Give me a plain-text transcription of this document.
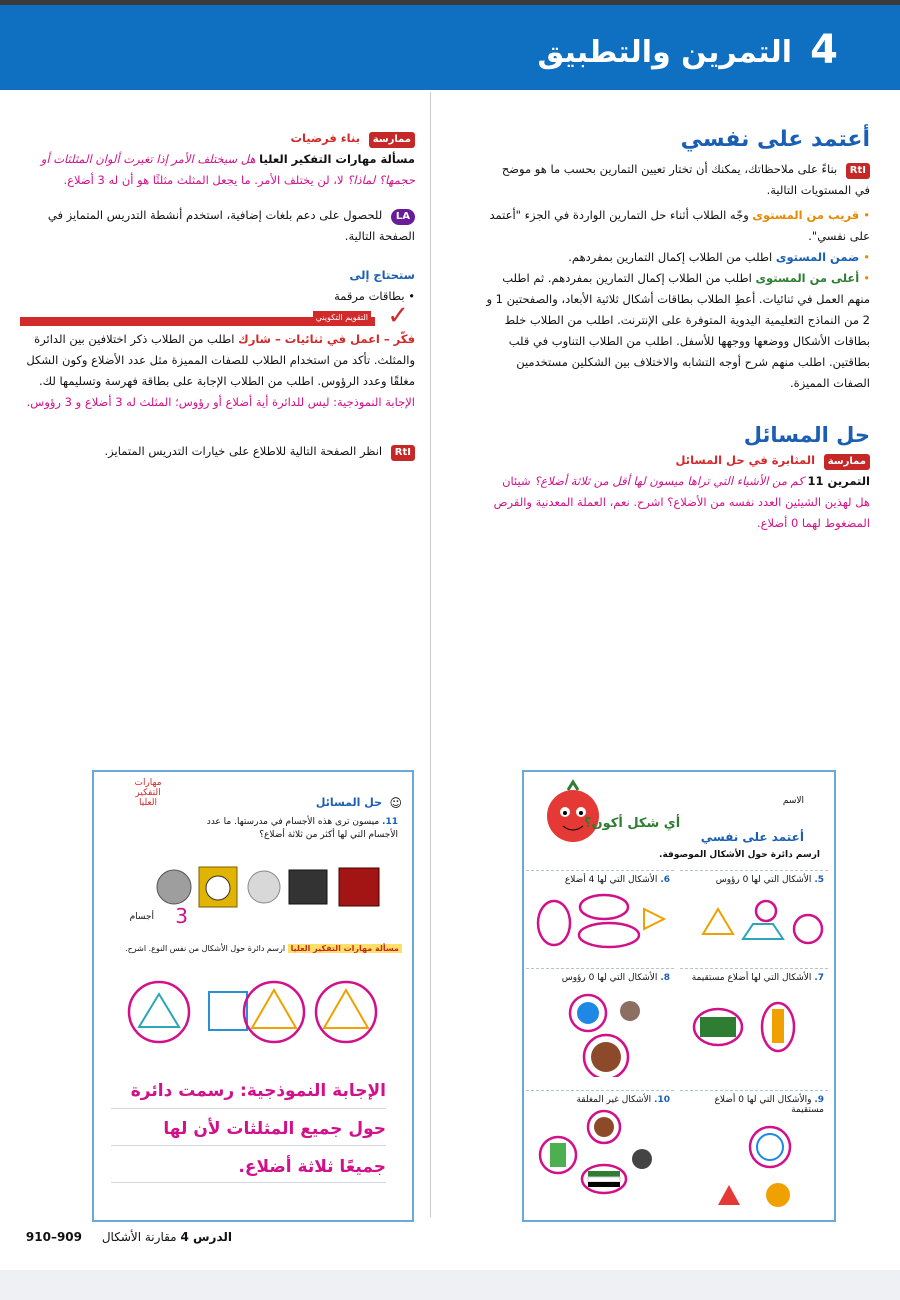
4
التمرين والتطبيق
أعتمد على نفسي
RtI بناءً على ملاحظاتك، يمكنك أن تختار تعيين التمارين بحسب ما هو موضح في المستويات التالية.
•قريب من المستوى وجّه الطلاب أثناء حل التمارين الواردة في الجزء "أعتمد على نفسي".
•ضمن المستوى اطلب من الطلاب إكمال التمارين بمفردهم.
•أعلى من المستوى اطلب من الطلاب إكمال التمارين بمفردهم. ثم اطلب منهم العمل في ثنائيات. أعطِ الطلاب بطاقات أشكال ثلاثية الأبعاد، والصفحتين 1 و 2 من النماذج التعليمية اليدوية المتوفرة على الإنترنت. اطلب من الطلاب خلط بطاقات الأشكال ووضعها ووجهها للأسفل. اطلب من الطلاب التناوب في قلب بطاقتين. اطلب منهم شرح أوجه التشابه والاختلاف بين الشكلين مستخدمين الصفات المميزة.
حل المسائل
ممارسة المثابرة في حل المسائل
التمرين 11 كم من الأشياء التي تراها ميسون لها أقل من ثلاثة أضلاع؟ شيئان هل لهذين الشيئين العدد نفسه من الأضلاع؟ اشرح. نعم، العملة المعدنية والقرص المضغوط لهما 0 أضلاع.
ممارسة بناء فرضيات
مسألة مهارات التفكير العليا هل سيختلف الأمر إذا تغيرت ألوان المثلثات أو حجمها؟ لماذا؟ لا، لن يختلف الأمر. ما يجعل المثلث مثلثًا هو أن له 3 أضلاع.
LA للحصول على دعم بلغات إضافية، استخدم أنشطة التدريس المتمايز في الصفحة التالية.
ستحتاج إلى
• بطاقات مرقمة
التقويم التكويني ✓
فكّر – اعمل في ثنائيات – شارك اطلب من الطلاب ذكر اختلافين بين الدائرة والمثلث. تأكد من استخدام الطلاب للصفات المميزة مثل عدد الأضلاع وكون الشكل مغلقًا وعدد الرؤوس. اطلب من الطلاب الإجابة على بطاقة فهرسة وتسليمها لك. الإجابة النموذجية: ليس للدائرة أية أضلاع أو رؤوس؛ المثلث له 3 أضلاع و 3 رؤوس.
RtI انظر الصفحة التالية للاطلاع على خيارات التدريس المتمايز.
مهارات التفكير العليا	حل المسائل ☺
11. ميسون ترى هذه الأجسام في مدرستها. ما عدد الأجسام التي لها أكثر من ثلاثة أضلاع؟
3
أجسام
مسألة مهارات التفكير العليا ارسم دائرة حول الأشكال من نفس النوع. اشرح.
الإجابة النموذجية: رسمت دائرة حول جميع المثلثات لأن لها جميعًا ثلاثة أضلاع.
الاسم
أي شكل أكون؟
أعتمد على نفسي
ارسم دائرة حول الأشكال الموصوفة.
5. الأشكال التي لها 0 رؤوس
6. الأشكال التي لها 4 أضلاع
7. الأشكال التي لها أضلاع مستقيمة
8. الأشكال التي لها 0 رؤوس
9. والأشكال التي لها 0 أضلاع مستقيمة
10. الأشكال غير المغلقة
الدرس 4 مقارنة الأشكال 909–910
